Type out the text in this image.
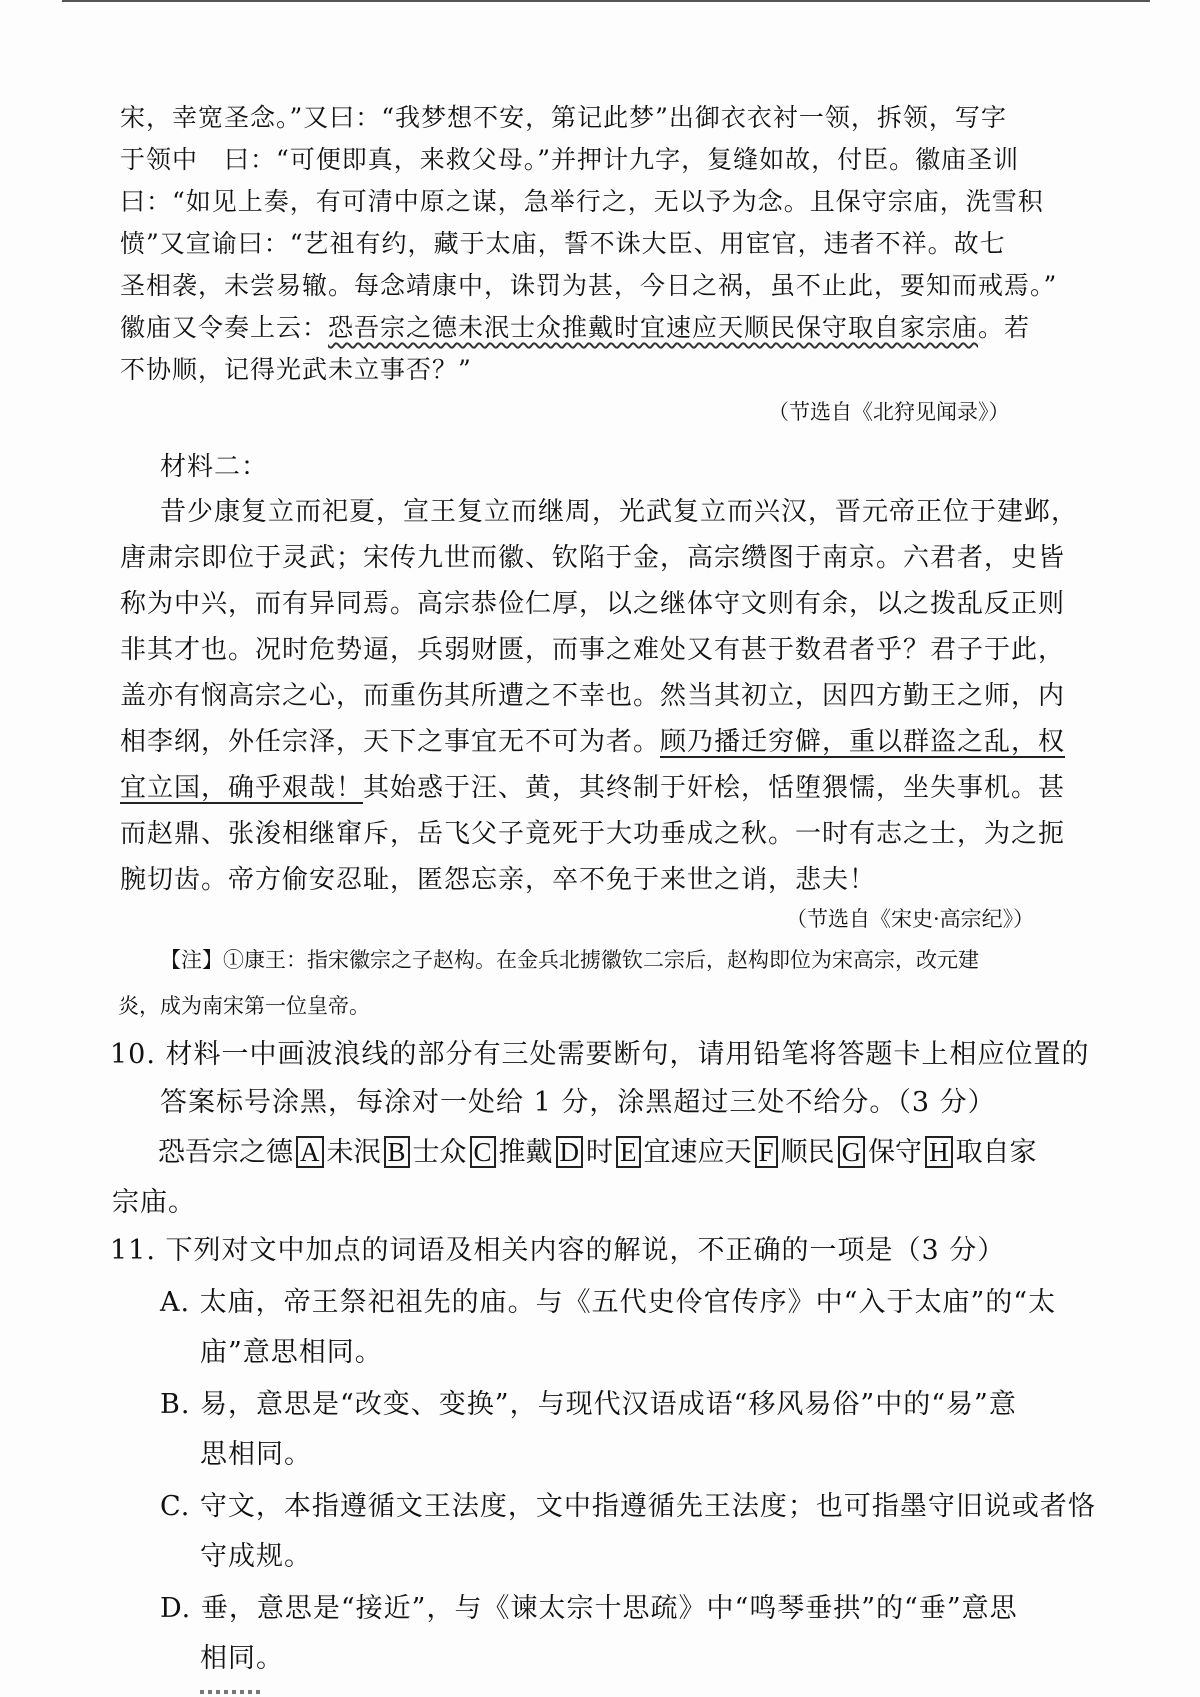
宋，幸宽圣念。”又曰：“我梦想不安，第记此梦”出御衣衣衬一领，拆领，写字
于领中　曰：“可便即真，来救父母。”并押计九字，复缝如故，付臣。徽庙圣训
曰：“如见上奏，有可清中原之谋，急举行之，无以予为念。且保守宗庙，洗雪积
愤”又宣谕曰：“艺祖有约，藏于太庙，誓不诛大臣、用宦官，违者不祥。故七
圣相袭，未尝易辙。每念靖康中，诛罚为甚，今日之祸，虽不止此，要知而戒焉。”
徽庙又令奏上云：恐吾宗之德未泯士众推戴时宜速应天顺民保守取自家宗庙。若
不协顺，记得光武未立事否？”
（节选自《北狩见闻录》）
材料二：
昔少康复立而祀夏，宣王复立而继周，光武复立而兴汉，晋元帝正位于建邺，
唐肃宗即位于灵武；宋传九世而徽、钦陷于金，高宗缵图于南京。六君者，史皆
称为中兴，而有异同焉。高宗恭俭仁厚，以之继体守文则有余，以之拨乱反正则
非其才也。况时危势逼，兵弱财匮，而事之难处又有甚于数君者乎？君子于此，
盖亦有悯高宗之心，而重伤其所遭之不幸也。然当其初立，因四方勤王之师，内
相李纲，外任宗泽，天下之事宜无不可为者。顾乃播迁穷僻，重以群盗之乱，权
宜立国，确乎艰哉！其始惑于汪、黄，其终制于奸桧，恬堕猥懦，坐失事机。甚
而赵鼎、张浚相继窜斥，岳飞父子竟死于大功垂成之秋。一时有志之士，为之扼
腕切齿。帝方偷安忍耻，匿怨忘亲，卒不免于来世之诮，悲夫！
（节选自《宋史·高宗纪》）
【注】①康王：指宋徽宗之子赵构。在金兵北掳徽钦二宗后，赵构即位为宋高宗，改元建
炎，成为南宋第一位皇帝。
10. 材料一中画波浪线的部分有三处需要断句，请用铅笔将答题卡上相应位置的
答案标号涂黑，每涂对一处给 1 分，涂黑超过三处不给分。（3 分）
恐吾宗之德 A 未泯 B 士众 C 推戴 D 时 E 宜速应天 F 顺民 G 保守 H 取自家
宗庙。
11. 下列对文中加点的词语及相关内容的解说，不正确的一项是（3 分）
A. 太庙，帝王祭祀祖先的庙。与《五代史伶官传序》中“入于太庙”的“太
庙”意思相同。
B. 易，意思是“改变、变换”，与现代汉语成语“移风易俗”中的“易”意
思相同。
C. 守文，本指遵循文王法度，文中指遵循先王法度；也可指墨守旧说或者恪
守成规。
D. 垂，意思是“接近”，与《谏太宗十思疏》中“鸣琴垂拱”的“垂”意思
相同。
